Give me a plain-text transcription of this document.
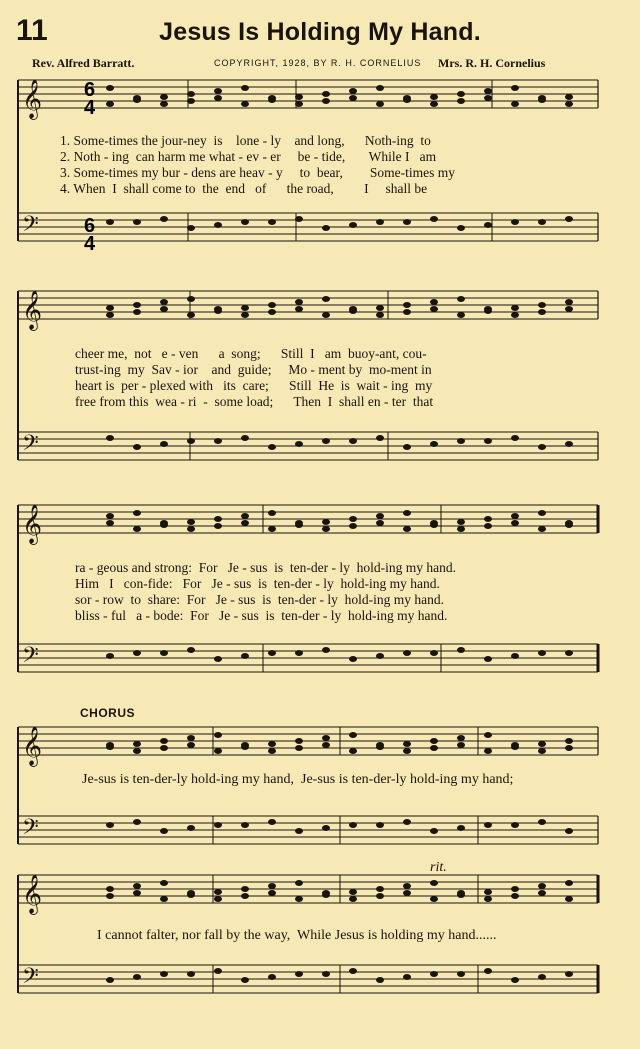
11	Jesus Is Holding My Hand.
Rev. Alfred Barratt.	COPYRIGHT, 1928, BY R. H. CORNELIUS Mrs. R. H. Cornelius
𝄞
𝄢
𝄞
𝄢
𝄞
𝄢
𝄞
𝄢
𝄞
𝄢
6
4
6
4
1. Some-times the jour-ney  is    lone - ly    and long,      Noth-ing  to
2. Noth - ing  can harm me what - ev - er     be - tide,       While I   am
3. Some-times my bur - dens are heav - y     to  bear,        Some-times my
4. When  I  shall come to  the  end   of      the road,         I     shall be
cheer me,  not   e - ven      a  song;      Still  I   am  buoy-ant, cou-
trust-ing  my  Sav - ior    and  guide;     Mo - ment by  mo-ment in
heart is  per - plexed with   its  care;      Still  He  is  wait - ing  my
free from this  wea - ri  -  some load;      Then  I  shall en - ter  that
ra - geous and strong:  For   Je - sus  is  ten-der - ly  hold-ing my hand.
Him   I   con-fide:   For   Je - sus  is  ten-der - ly  hold-ing my hand.
sor - row  to  share:  For   Je - sus  is  ten-der - ly  hold-ing my hand.
bliss - ful   a - bode:  For   Je - sus  is  ten-der - ly  hold-ing my hand.
CHORUS
Je-sus is ten-der-ly hold-ing my hand,  Je-sus is ten-der-ly hold-ing my hand;
I cannot falter, nor fall by the way,  While Jesus is holding my hand......
rit.
